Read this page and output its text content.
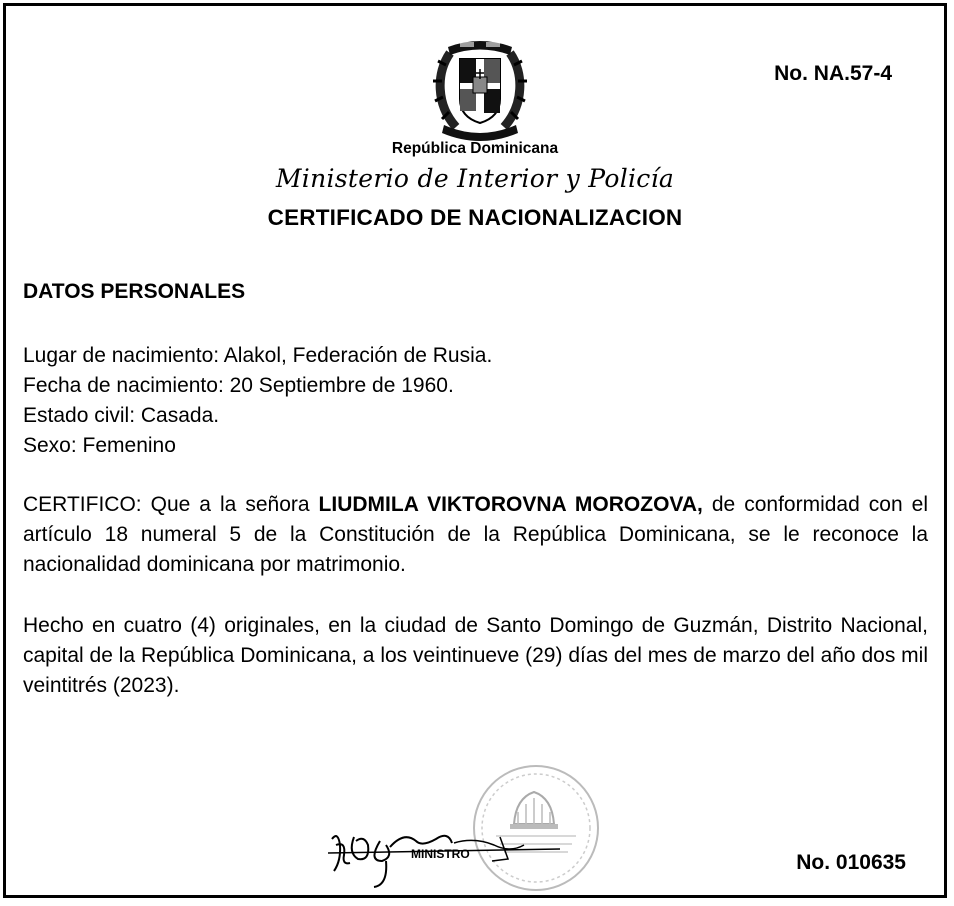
No. NA.57-4
República Dominicana
Ministerio de Interior y Policía
CERTIFICADO DE NACIONALIZACION
DATOS PERSONALES
Lugar de nacimiento: Alakol, Federación de Rusia.
Fecha de nacimiento: 20 Septiembre de 1960.
Estado civil: Casada.
Sexo: Femenino
CERTIFICO: Que a la señora LIUDMILA VIKTOROVNA MOROZOVA, de conformidad con el artículo 18 numeral 5 de la Constitución de la República Dominicana, se le reconoce la nacionalidad dominicana por matrimonio.
Hecho en cuatro (4) originales, en la ciudad de Santo Domingo de Guzmán, Distrito Nacional, capital de la República Dominicana, a los veintinueve (29) días del mes de marzo del año dos mil veintitrés (2023).
MINISTRO	No. 010635
